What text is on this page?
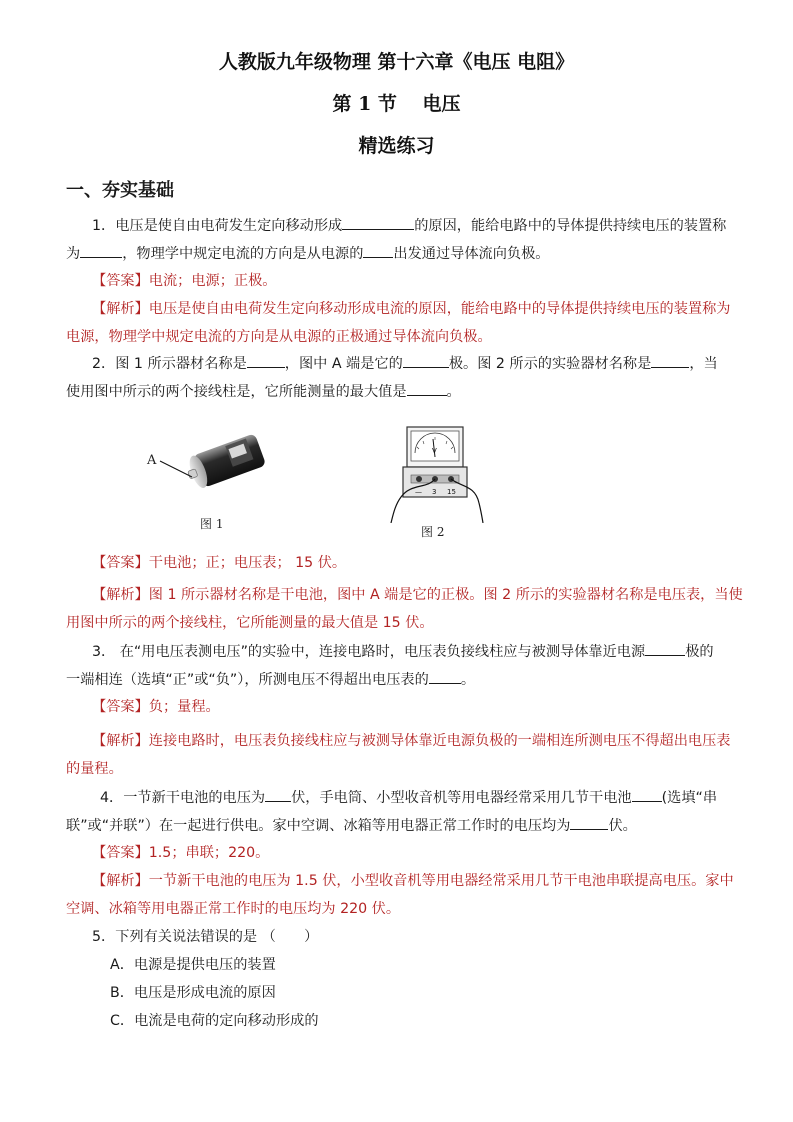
人教版九年级物理 第十六章《电压 电阻》
第 1 节　 电压
精选练习
一、夯实基础
1．电压是使自由电荷发生定向移动形成	的原因，能给电路中的导体提供持续电压的装置称
为	，物理学中规定电流的方向是从电源的 出发通过导体流向负极。
【答案】电流；电源；正极。
【解析】电压是使自由电荷发生定向移动形成电流的原因，能给电路中的导体提供持续电压的装置称为
电源，物理学中规定电流的方向是从电源的正极通过导体流向负极。
2．图 1 所示器材名称是	，图中 A 端是它的	极。图 2 所示的实验器材名称是	，当
使用图中所示的两个接线柱是，它所能测量的最大值是	。
A
图 1
V
— 3 15
图 2
【答案】干电池；正；电压表； 15 伏。
【解析】图 1 所示器材名称是干电池，图中 A 端是它的正极。图 2 所示的实验器材名称是电压表，当使
用图中所示的两个接线柱，它所能测量的最大值是 15 伏。
3． 在“用电压表测电压”的实验中，连接电路时，电压表负接线柱应与被测导体靠近电源	极的
一端相连（选填“正”或“负”），所测电压不得超出电压表的 。
【答案】负；量程。
【解析】连接电路时，电压表负接线柱应与被测导体靠近电源负极的一端相连所测电压不得超出电压表
的量程。
4．一节新干电池的电压为 伏，手电筒、小型收音机等用电器经常采用几节干电池 (选填“串
联”或“并联”）在一起进行供电。家中空调、冰箱等用电器正常工作时的电压均为	伏。
【答案】1.5；串联；220。
【解析】一节新干电池的电压为 1.5 伏，小型收音机等用电器经常采用几节干电池串联提高电压。家中
空调、冰箱等用电器正常工作时的电压均为 220 伏。
5．下列有关说法错误的是 （　　）
A．电源是提供电压的装置
B．电压是形成电流的原因
C．电流是电荷的定向移动形成的
